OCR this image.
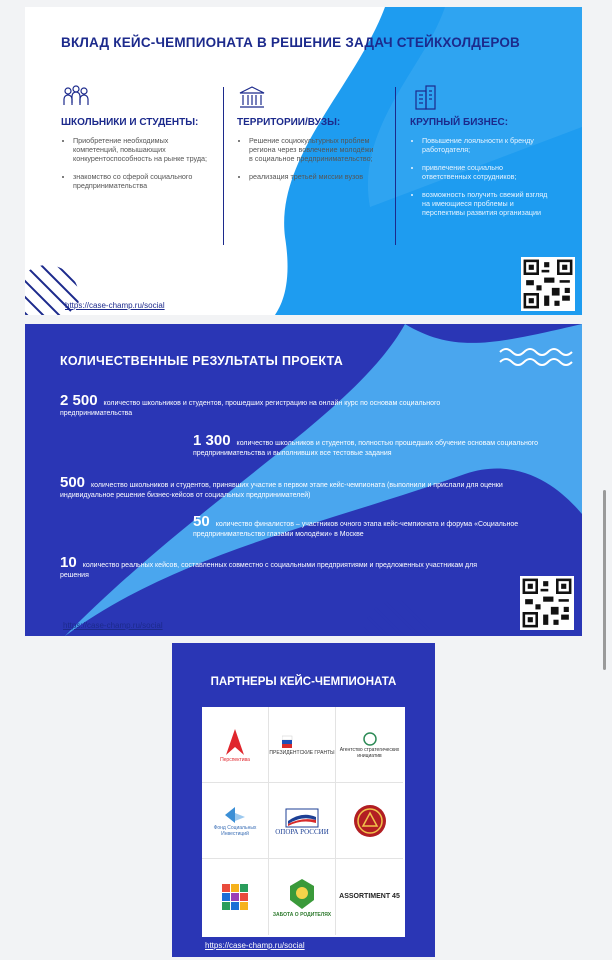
ВКЛАД КЕЙС-ЧЕМПИОНАТА В РЕШЕНИЕ ЗАДАЧ СТЕЙКХОЛДЕРОВ
ШКОЛЬНИКИ И СТУДЕНТЫ:
• Приобретение необходимых компетенций, повышающих конкурентоспособность на рынке труда;
• знакомство со сферой социального предпринимательства
ТЕРРИТОРИИ/ВУЗЫ:
• Решение социокультурных проблем региона через вовлечение молодёжи в социальное предпринимательство;
• реализация третьей миссии вузов
КРУПНЫЙ БИЗНЕС:
• Повышение лояльности к бренду работодателя;
• привлечение социально ответственных сотрудников;
• возможность получить свежий взгляд на имеющиеся проблемы и перспективы развития организации
https://case-champ.ru/social
КОЛИЧЕСТВЕННЫЕ РЕЗУЛЬТАТЫ ПРОЕКТА
2 500 количество школьников и студентов, прошедших регистрацию на онлайн курс по основам социального предпринимательства
1 300 количество школьников и студентов, полностью прошедших обучение основам социального предпринимательства и выполнивших все тестовые задания
500 количество школьников и студентов, принявших участие в первом этапе кейс-чемпионата (выполнили и прислали для оценки индивидуальное решение бизнес-кейсов от социальных предпринимателей)
50 количество финалистов – участников очного этапа кейс-чемпионата и форума «Социальное предпринимательство глазами молодёжи» в Москве
10 количество реальных кейсов, составленных совместно с социальными предприятиями и предложенных участникам для решения
https://case-champ.ru/social
ПАРТНЕРЫ КЕЙС-ЧЕМПИОНАТА
Перспектива
ПРЕЗИДЕНТСКИЕ ГРАНТЫ	Агентство стратегических инициатив
Фонд Социальных Инвестиций	ОПОРА РОССИИ
ЗАБОТА О РОДИТЕЛЯХ
ASSORTIMENT 45
https://case-champ.ru/social
